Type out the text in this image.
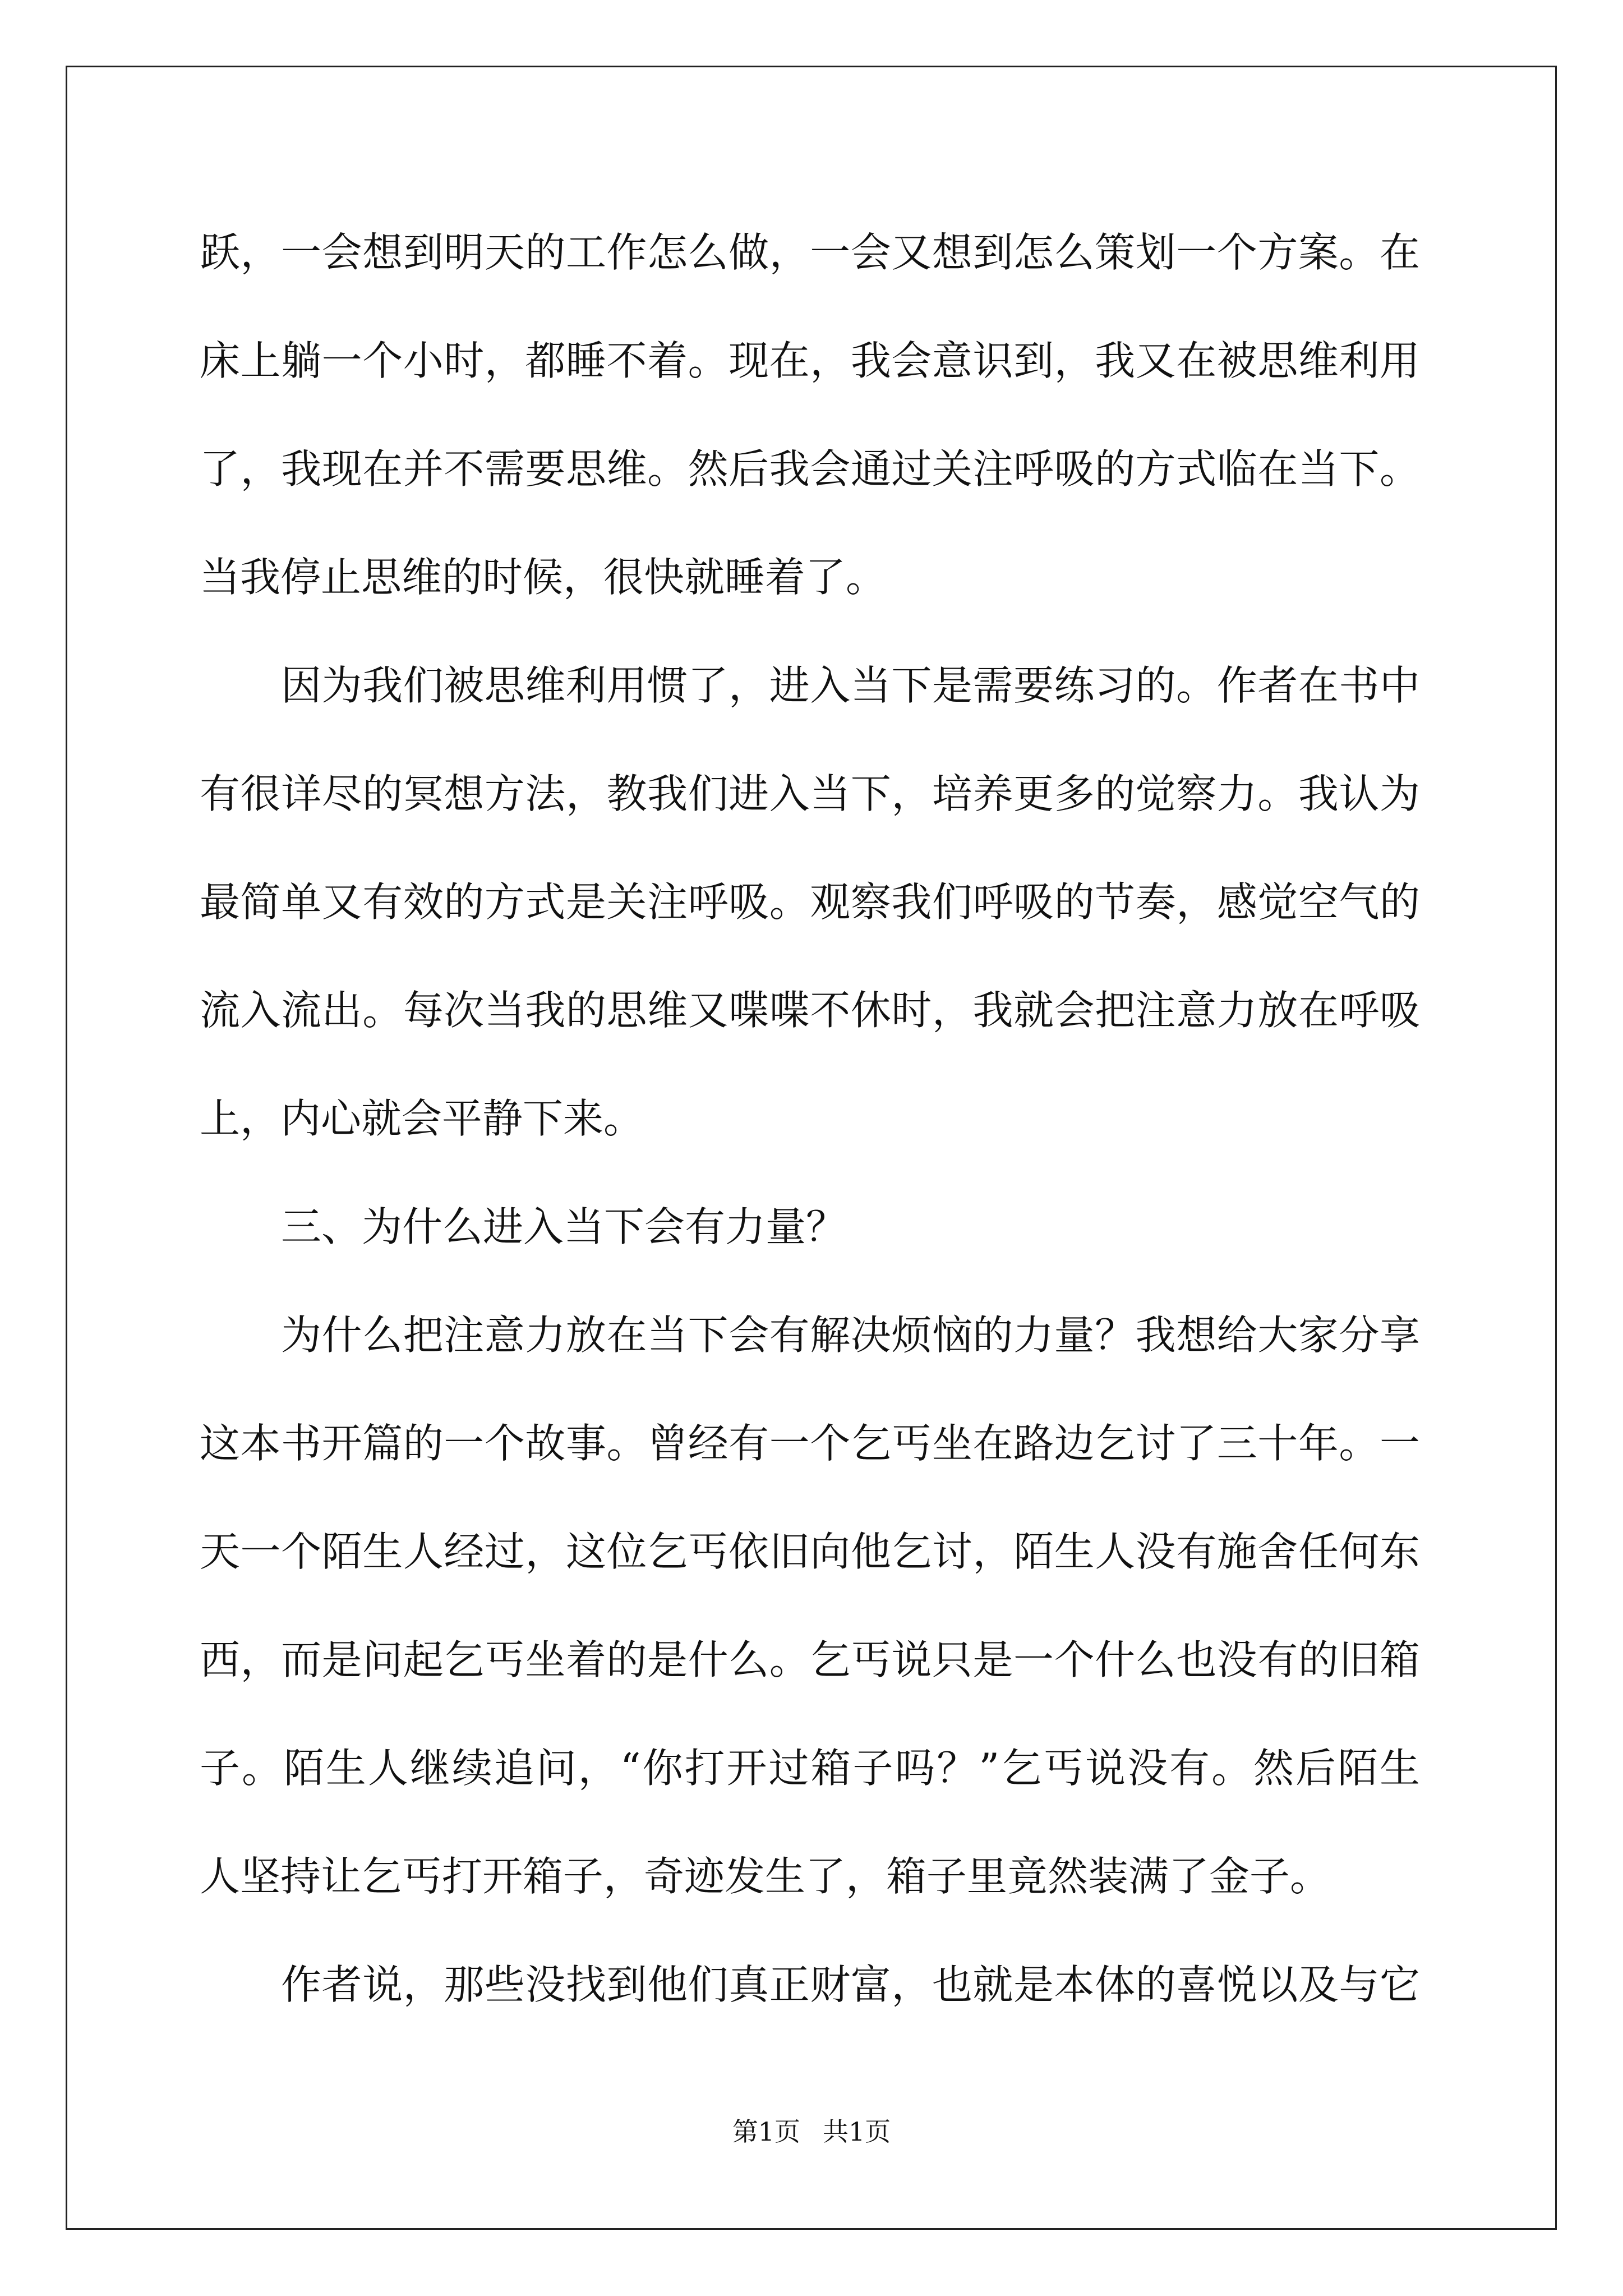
跃，一会想到明天的工作怎么做，一会又想到怎么策划一个方案。在
床上躺一个小时，都睡不着。现在，我会意识到，我又在被思维利用
了，我现在并不需要思维。然后我会通过关注呼吸的方式临在当下。
当我停止思维的时候，很快就睡着了。
因为我们被思维利用惯了，进入当下是需要练习的。作者在书中
有很详尽的冥想方法，教我们进入当下，培养更多的觉察力。我认为
最简单又有效的方式是关注呼吸。观察我们呼吸的节奏，感觉空气的
流入流出。每次当我的思维又喋喋不休时，我就会把注意力放在呼吸
上，内心就会平静下来。
三、为什么进入当下会有力量？
为什么把注意力放在当下会有解决烦恼的力量？我想给大家分享
这本书开篇的一个故事。曾经有一个乞丐坐在路边乞讨了三十年。一
天一个陌生人经过，这位乞丐依旧向他乞讨，陌生人没有施舍任何东
西，而是问起乞丐坐着的是什么。乞丐说只是一个什么也没有的旧箱
子。陌生人继续追问，“你打开过箱子吗？”乞丐说没有。然后陌生
人坚持让乞丐打开箱子，奇迹发生了，箱子里竟然装满了金子。
作者说，那些没找到他们真正财富，也就是本体的喜悦以及与它
第1页 共1页
